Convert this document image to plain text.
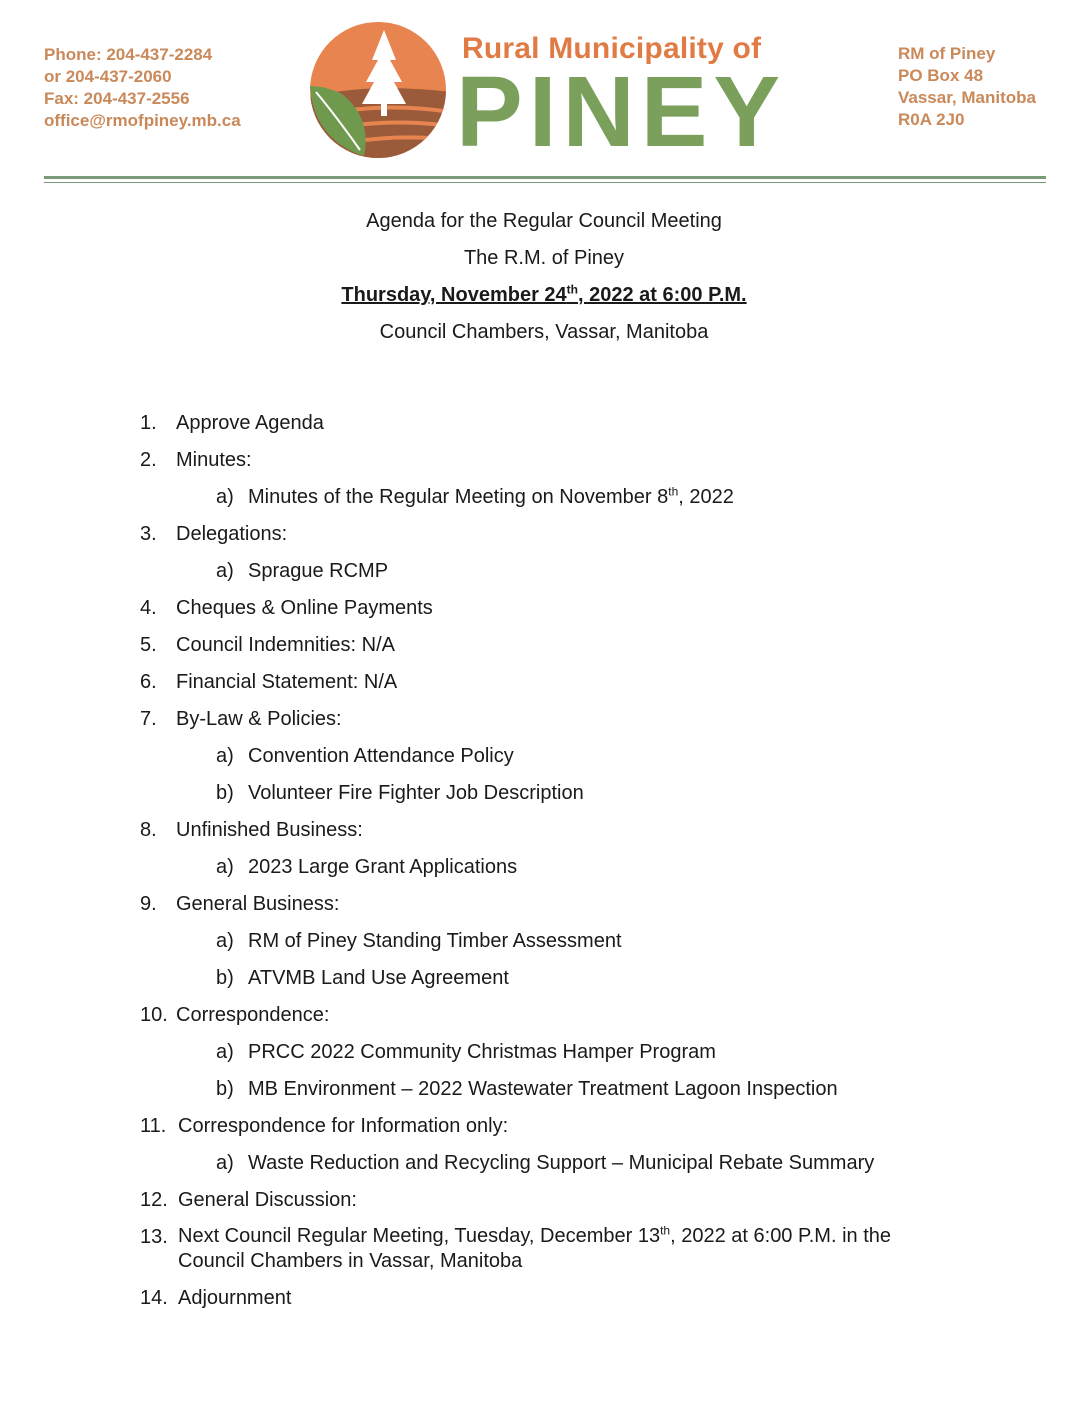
Phone: 204-437-2284
or 204-437-2060
Fax: 204-437-2556
office@rmofpiney.mb.ca
Rural Municipality of
PINEY
RM of Piney
PO Box 48
Vassar, Manitoba
R0A 2J0
Agenda for the Regular Council Meeting
The R.M. of Piney
Thursday, November 24th, 2022 at 6:00 P.M.
Council Chambers, Vassar, Manitoba
1. Approve Agenda
2. Minutes:
a) Minutes of the Regular Meeting on November 8th, 2022
3. Delegations:
a) Sprague RCMP
4. Cheques & Online Payments
5. Council Indemnities: N/A
6. Financial Statement: N/A
7. By-Law & Policies:
a) Convention Attendance Policy
b) Volunteer Fire Fighter Job Description
8. Unfinished Business:
a) 2023 Large Grant Applications
9. General Business:
a) RM of Piney Standing Timber Assessment
b) ATVMB Land Use Agreement
10. Correspondence:
a) PRCC 2022 Community Christmas Hamper Program
b) MB Environment – 2022 Wastewater Treatment Lagoon Inspection
11. Correspondence for Information only:
a) Waste Reduction and Recycling Support – Municipal Rebate Summary
12. General Discussion:
13. Next Council Regular Meeting, Tuesday, December 13th, 2022 at 6:00 P.M. in the
Council Chambers in Vassar, Manitoba
14. Adjournment
